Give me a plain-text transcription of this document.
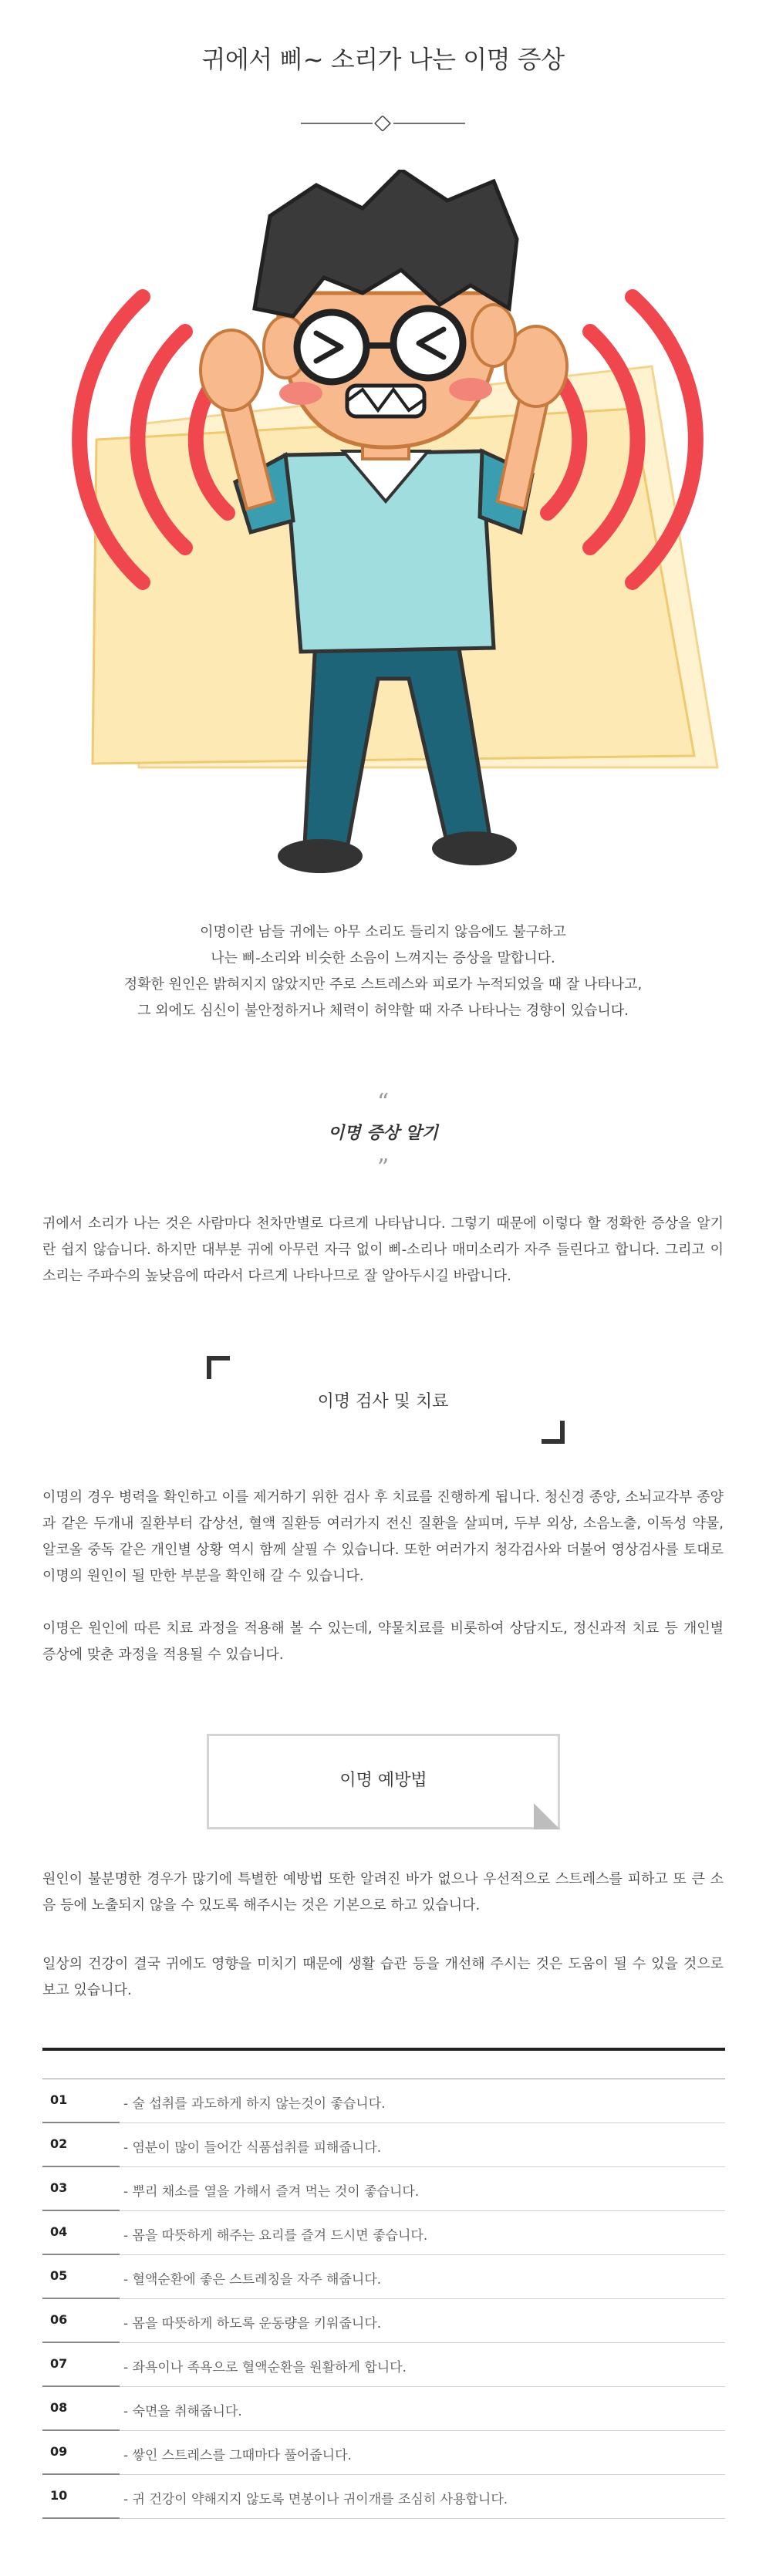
귀에서 삐~ 소리가 나는 이명 증상
이명이란 남들 귀에는 아무 소리도 들리지 않음에도 불구하고
나는 삐-소리와 비슷한 소음이 느껴지는 증상을 말합니다.
정확한 원인은 밝혀지지 않았지만 주로 스트레스와 피로가 누적되었을 때 잘 나타나고,
그 외에도 심신이 불안정하거나 체력이 허약할 때 자주 나타나는 경향이 있습니다.
“
이명 증상 알기
”

귀에서 소리가 나는 것은 사람마다 천차만별로 다르게 나타납니다. 그렇기 때문에 이렇다 할 정확한 증상을 알기란 쉽지 않습니다. 하지만 대부분 귀에 아무런 자극 없이 삐-소리나 매미소리가 자주 들린다고 합니다. 그리고 이 소리는 주파수의 높낮음에 따라서 다르게 나타나므로 잘 알아두시길 바랍니다.

이명 검사 및 치료

이명의 경우 병력을 확인하고 이를 제거하기 위한 검사 후 치료를 진행하게 됩니다. 청신경 종양, 소뇌교각부 종양과 같은 두개내 질환부터 갑상선, 혈액 질환등 여러가지 전신 질환을 살피며, 두부 외상, 소음노출, 이독성 약물, 알코올 중독 같은 개인별 상황 역시 함께 살필 수 있습니다. 또한 여러가지 청각검사와 더불어 영상검사를 토대로 이명의 원인이 될 만한 부분을 확인해 갈 수 있습니다.

이명은 원인에 따른 치료 과정을 적용해 볼 수 있는데, 약물치료를 비롯하여 상담지도, 정신과적 치료 등 개인별 증상에 맞춘 과정을 적용될 수 있습니다.

이명 예방법

원인이 불분명한 경우가 많기에 특별한 예방법 또한 알려진 바가 없으나 우선적으로 스트레스를 피하고 또 큰 소음 등에 노출되지 않을 수 있도록 해주시는 것은 기본으로 하고 있습니다.

일상의 건강이 결국 귀에도 영향을 미치기 때문에 생활 습관 등을 개선해 주시는 것은 도움이 될 수 있을 것으로 보고 있습니다.

01	- 술 섭취를 과도하게 하지 않는것이 좋습니다.
02	- 염분이 많이 들어간 식품섭취를 피해줍니다.
03	- 뿌리 채소를 열을 가해서 즐겨 먹는 것이 좋습니다.
04	- 몸을 따뜻하게 해주는 요리를 즐겨 드시면 좋습니다.
05	- 혈액순환에 좋은 스트레칭을 자주 해줍니다.
06	- 몸을 따뜻하게 하도록 운동량을 키워줍니다.
07	- 좌욕이나 족욕으로 혈액순환을 원활하게 합니다.
08	- 숙면을 취해줍니다.
09	- 쌓인 스트레스를 그때마다 풀어줍니다.
10	- 귀 건강이 약해지지 않도록 면봉이나 귀이개를 조심히 사용합니다.
